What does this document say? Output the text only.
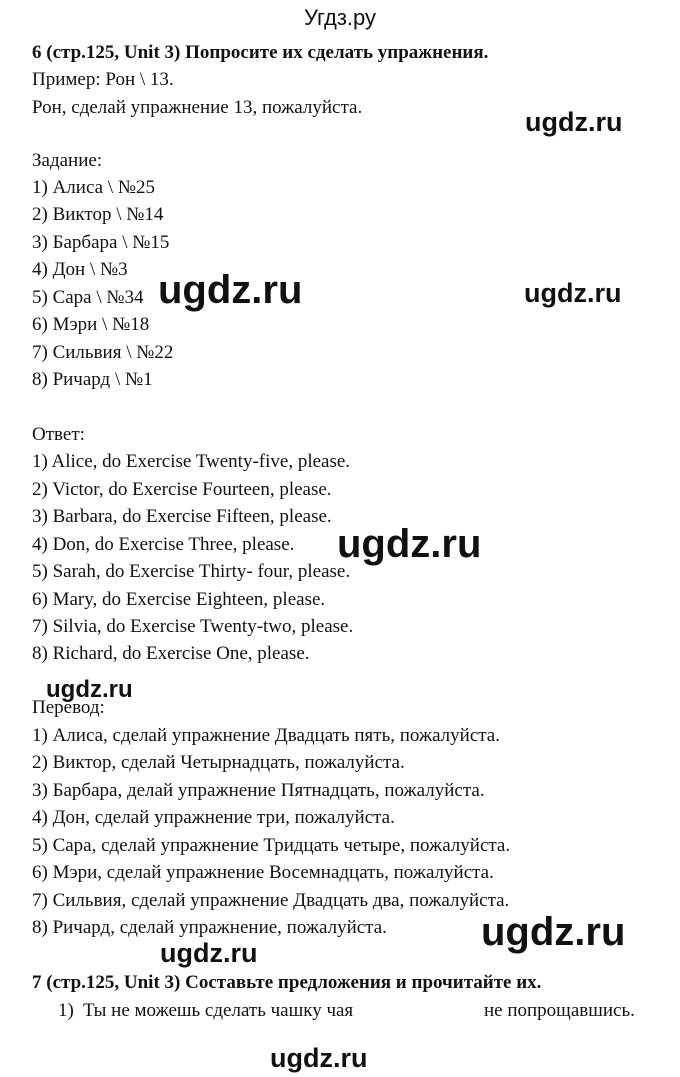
Угдз.ру
6 (стр.125, Unit 3) Попросите их сделать упражнения.
Пример: Рон \ 13.
Рон, сделай упражнение 13, пожалуйста.
Задание:
1) Алиса \ №25
2) Виктор \ №14
3) Барбара \ №15
4) Дон \ №3
5) Сара \ №34
6) Мэри \ №18
7) Сильвия \ №22
8) Ричард \ №1
Ответ:
1) Alice, do Exercise Twenty-five, please.
2) Victor, do Exercise Fourteen, please.
3) Barbara, do Exercise Fifteen, please.
4) Don, do Exercise Three, please.
5) Sarah, do Exercise Thirty- four, please.
6) Mary, do Exercise Eighteen, please.
7) Silvia, do Exercise Twenty-two, please.
8) Richard, do Exercise One, please.
Перевод:
1) Алиса, сделай упражнение Двадцать пять, пожалуйста.
2) Виктор, сделай Четырнадцать, пожалуйста.
3) Барбара, делай упражнение Пятнадцать, пожалуйста.
4) Дон, сделай упражнение три, пожалуйста.
5) Сара, сделай упражнение Тридцать четыре, пожалуйста.
6) Мэри, сделай упражнение Восемнадцать, пожалуйста.
7) Сильвия, сделай упражнение Двадцать два, пожалуйста.
8) Ричард, сделай упражнение, пожалуйста.
7 (стр.125, Unit 3) Составьте предложения и прочитайте их.
1) Ты не можешь сделать чашку чая	не попрощавшись.
ugdz.ru
ugdz.ru	ugdz.ru
ugdz.ru
ugdz.ru
ugdz.ru
ugdz.ru
ugdz.ru
